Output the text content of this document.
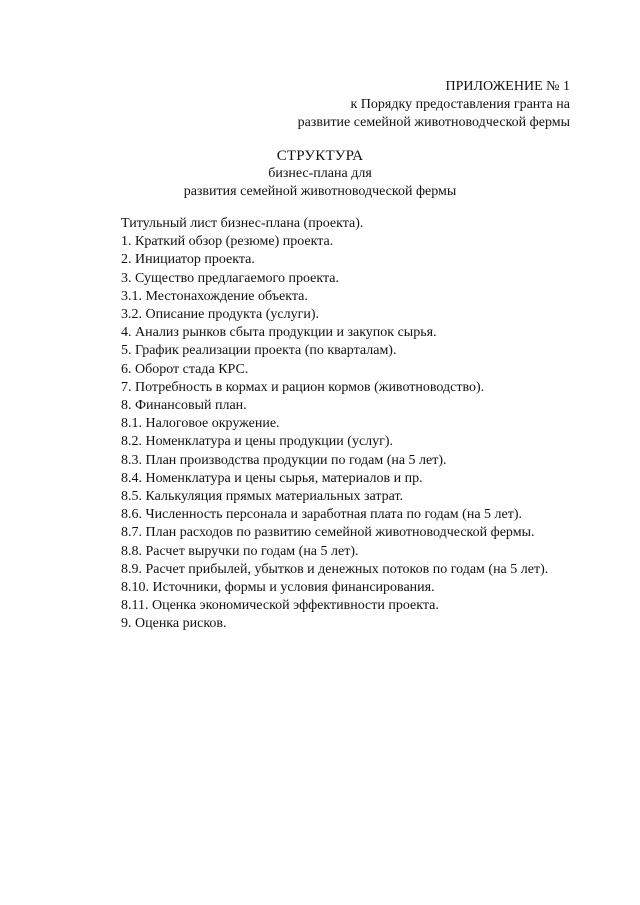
ПРИЛОЖЕНИЕ № 1
к Порядку предоставления гранта на
развитие семейной животноводческой фермы
СТРУКТУРА
бизнес-плана для
развития семейной животноводческой фермы
Титульный лист бизнес-плана (проекта).
1. Краткий обзор (резюме) проекта.
2. Инициатор проекта.
3. Существо предлагаемого проекта.
3.1. Местонахождение объекта.
3.2. Описание продукта (услуги).
4. Анализ рынков сбыта продукции и закупок сырья.
5. График реализации проекта (по кварталам).
6. Оборот стада КРС.
7. Потребность в кормах и рацион кормов (животноводство).
8. Финансовый план.
8.1. Налоговое окружение.
8.2. Номенклатура и цены продукции (услуг).
8.3. План производства продукции по годам (на 5 лет).
8.4. Номенклатура и цены сырья, материалов и пр.
8.5. Калькуляция прямых материальных затрат.
8.6. Численность персонала и заработная плата по годам (на 5 лет).
8.7. План расходов по развитию семейной животноводческой фермы.
8.8. Расчет выручки по годам (на 5 лет).
8.9. Расчет прибылей, убытков и денежных потоков по годам (на 5 лет).
8.10. Источники, формы и условия финансирования.
8.11. Оценка экономической эффективности проекта.
9. Оценка рисков.
